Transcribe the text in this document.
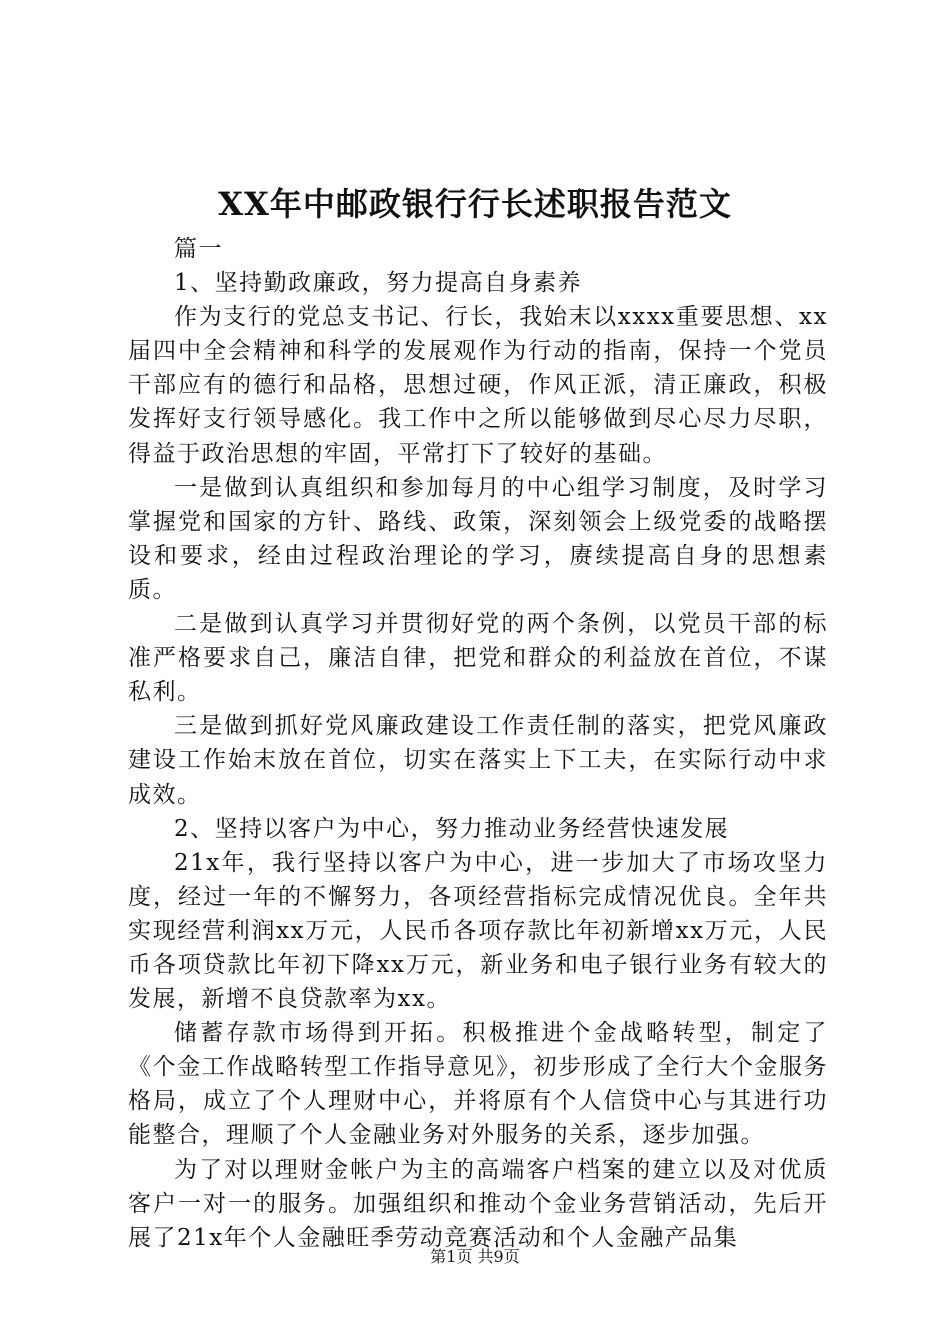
XX年中邮政银行行长述职报告范文

篇一

1、坚持勤政廉政，努力提高自身素养

作为支行的党总支书记、行长，我始末以xxxx重要思想、xx届四中全会精神和科学的发展观作为行动的指南，保持一个党员干部应有的德行和品格，思想过硬，作风正派，清正廉政，积极发挥好支行领导感化。我工作中之所以能够做到尽心尽力尽职，得益于政治思想的牢固，平常打下了较好的基础。

一是做到认真组织和参加每月的中心组学习制度，及时学习掌握党和国家的方针、路线、政策，深刻领会上级党委的战略摆设和要求，经由过程政治理论的学习，赓续提高自身的思想素质。

二是做到认真学习并贯彻好党的两个条例，以党员干部的标准严格要求自己，廉洁自律，把党和群众的利益放在首位，不谋私利。

三是做到抓好党风廉政建设工作责任制的落实，把党风廉政建设工作始末放在首位，切实在落实上下工夫，在实际行动中求成效。

2、坚持以客户为中心，努力推动业务经营快速发展

21x年，我行坚持以客户为中心，进一步加大了市场攻坚力度，经过一年的不懈努力，各项经营指标完成情况优良。全年共实现经营利润xx万元，人民币各项存款比年初新增xx万元，人民币各项贷款比年初下降xx万元，新业务和电子银行业务有较大的发展，新增不良贷款率为xx。

储蓄存款市场得到开拓。积极推进个金战略转型，制定了《个金工作战略转型工作指导意见》，初步形成了全行大个金服务格局，成立了个人理财中心，并将原有个人信贷中心与其进行功能整合，理顺了个人金融业务对外服务的关系，逐步加强。

为了对以理财金帐户为主的高端客户档案的建立以及对优质客户一对一的服务。加强组织和推动个金业务营销活动，先后开展了21x年个人金融旺季劳动竞赛活动和个人金融产品集

第1页 共9页
